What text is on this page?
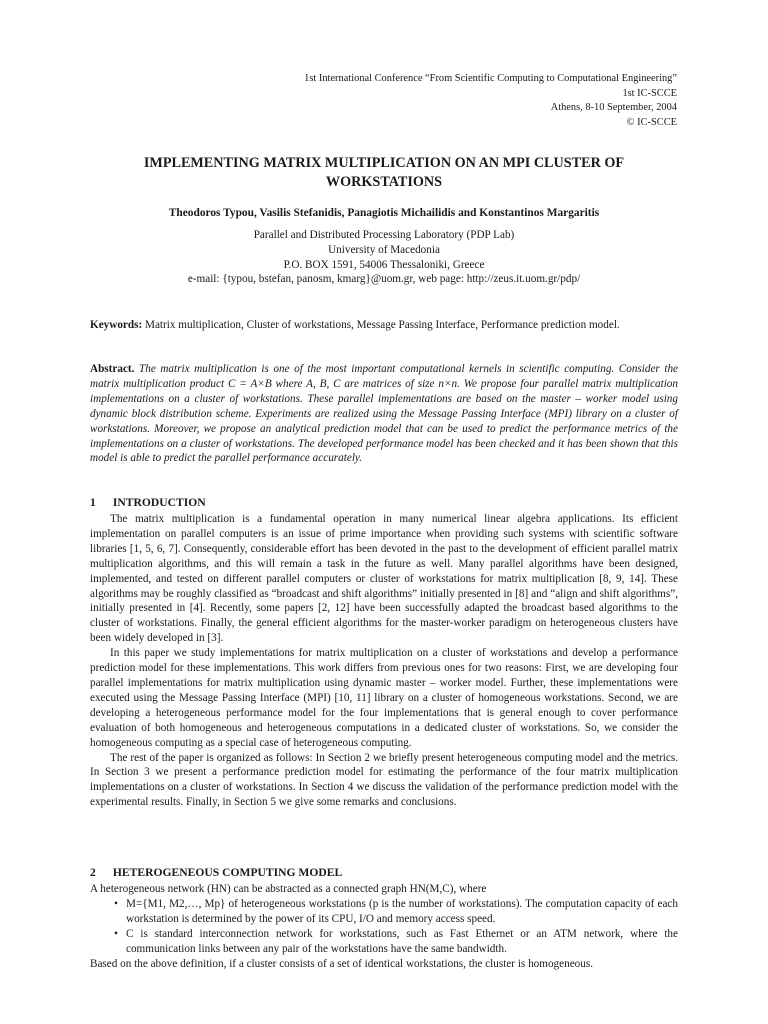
1st International Conference “From Scientific Computing to Computational Engineering”
1st IC-SCCE
Athens, 8-10 September, 2004
© IC-SCCE
IMPLEMENTING MATRIX MULTIPLICATION ON AN MPI CLUSTER OF
WORKSTATIONS
Theodoros Typou, Vasilis Stefanidis, Panagiotis Michailidis and Konstantinos Margaritis
Parallel and Distributed Processing Laboratory (PDP Lab)
University of Macedonia
P.O. BOX 1591, 54006 Thessaloniki, Greece
e-mail: {typou, bstefan, panosm, kmarg}@uom.gr, web page: http://zeus.it.uom.gr/pdp/
Keywords: Matrix multiplication, Cluster of workstations, Message Passing Interface, Performance prediction model.
Abstract. The matrix multiplication is one of the most important computational kernels in scientific computing. Consider the matrix multiplication product C = A×B where A, B, C are matrices of size n×n. We propose four parallel matrix multiplication implementations on a cluster of workstations. These parallel implementations are based on the master – worker model using dynamic block distribution scheme. Experiments are realized using the Message Passing Interface (MPI) library on a cluster of workstations. Moreover, we propose an analytical prediction model that can be used to predict the performance metrics of the implementations on a cluster of workstations. The developed performance model has been checked and it has been shown that this model is able to predict the parallel performance accurately.
1 INTRODUCTION

The matrix multiplication is a fundamental operation in many numerical linear algebra applications. Its efficient implementation on parallel computers is an issue of prime importance when providing such systems with scientific software libraries [1, 5, 6, 7]. Consequently, considerable effort has been devoted in the past to the development of efficient parallel matrix multiplication algorithms, and this will remain a task in the future as well. Many parallel algorithms have been designed, implemented, and tested on different parallel computers or cluster of workstations for matrix multiplication [8, 9, 14]. These algorithms may be roughly classified as “broadcast and shift algorithms” initially presented in [8] and “align and shift algorithms”, initially presented in [4]. Recently, some papers [2, 12] have been successfully adapted the broadcast based algorithms to the cluster of workstations. Finally, the general efficient algorithms for the master-worker paradigm on heterogeneous clusters have been widely developed in [3].

In this paper we study implementations for matrix multiplication on a cluster of workstations and develop a performance prediction model for these implementations. This work differs from previous ones for two reasons: First, we are developing four parallel implementations for matrix multiplication using dynamic master – worker model. Further, these implementations were executed using the Message Passing Interface (MPI) [10, 11] library on a cluster of homogeneous workstations. Second, we are developing a heterogeneous performance model for the four implementations that is general enough to cover performance evaluation of both homogeneous and heterogeneous computations in a dedicated cluster of workstations. So, we consider the homogeneous computing as a special case of heterogeneous computing.

The rest of the paper is organized as follows: In Section 2 we briefly present heterogeneous computing model and the metrics. In Section 3 we present a performance prediction model for estimating the performance of the four matrix multiplication implementations on a cluster of workstations. In Section 4 we discuss the validation of the performance prediction model with the experimental results. Finally, in Section 5 we give some remarks and conclusions.

2 HETEROGENEOUS COMPUTING MODEL

A heterogeneous network (HN) can be abstracted as a connected graph HN(M,C), where

• M={M1, M2,…, Mp} of heterogeneous workstations (p is the number of workstations). The computation capacity of each workstation is determined by the power of its CPU, I/O and memory access speed.
• C is standard interconnection network for workstations, such as Fast Ethernet or an ATM network, where the communication links between any pair of the workstations have the same bandwidth.

Based on the above definition, if a cluster consists of a set of identical workstations, the cluster is homogeneous.
